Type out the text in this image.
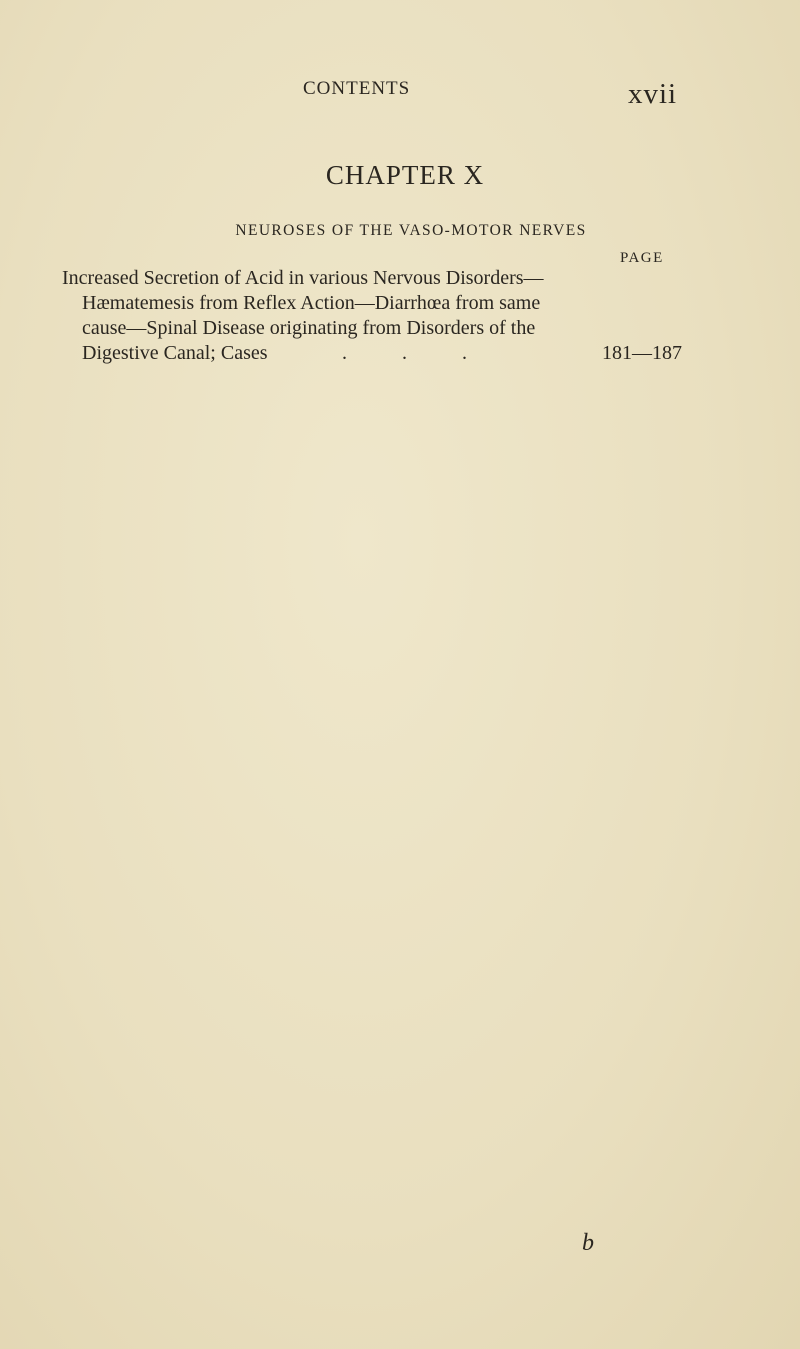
CONTENTS	xvii
CHAPTER X
NEUROSES OF THE VASO-MOTOR NERVES
PAGE
Increased Secretion of Acid in various Nervous Disorders—
Hæmatemesis from Reflex Action—Diarrhœa from same
cause—Spinal Disease originating from Disorders of the
Digestive Canal; Cases	.	.	.	181—187
b
